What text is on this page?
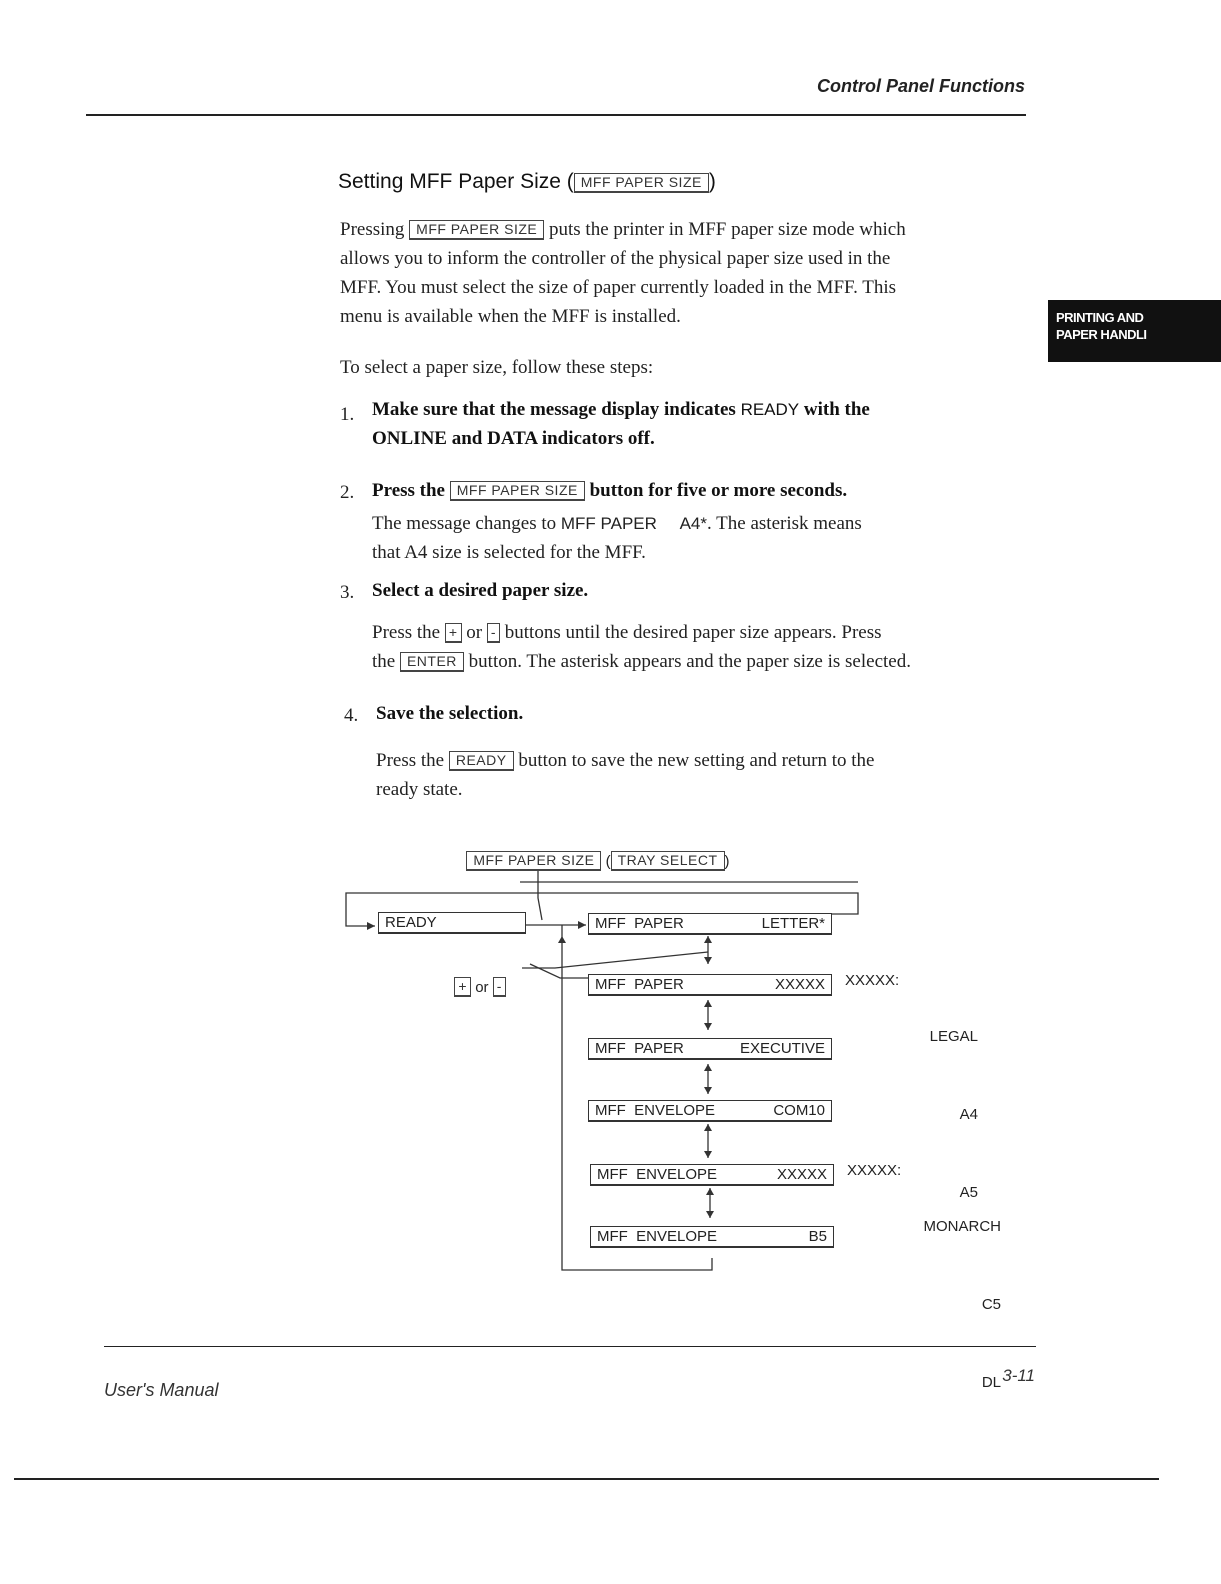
Control Panel Functions
PRINTING AND
PAPER HANDLI
Setting MFF Paper Size ( MFF PAPER SIZE )
Pressing MFF PAPER SIZE puts the printer in MFF paper size mode which
allows you to inform the controller of the physical paper size used in the
MFF. You must select the size of paper currently loaded in the MFF. This
menu is available when the MFF is installed.
To select a paper size, follow these steps:
1. Make sure that the message display indicates READY with the
ONLINE and DATA indicators off.
2. Press the MFF PAPER SIZE button for five or more seconds.
The message changes to MFF PAPER     A4*. The asterisk means
that A4 size is selected for the MFF.
3. Select a desired paper size.
Press the + or - buttons until the desired paper size appears. Press
the ENTER button. The asterisk appears and the paper size is selected.
4. Save the selection.
Press the READY button to save the new setting and return to the
ready state.

MFF PAPER SIZE ( TRAY SELECT )

READY

+ or -

MFF  PAPER	LETTER*
MFF  PAPER	XXXXX
MFF  PAPER	EXECUTIVE
MFF  ENVELOPE	COM10
MFF  ENVELOPE	XXXXX
MFF  ENVELOPE	B5
XXXXX:

LEGAL

A4

A5

XXXXX:

MONARCH

C5

DL

User's Manual
3-11
